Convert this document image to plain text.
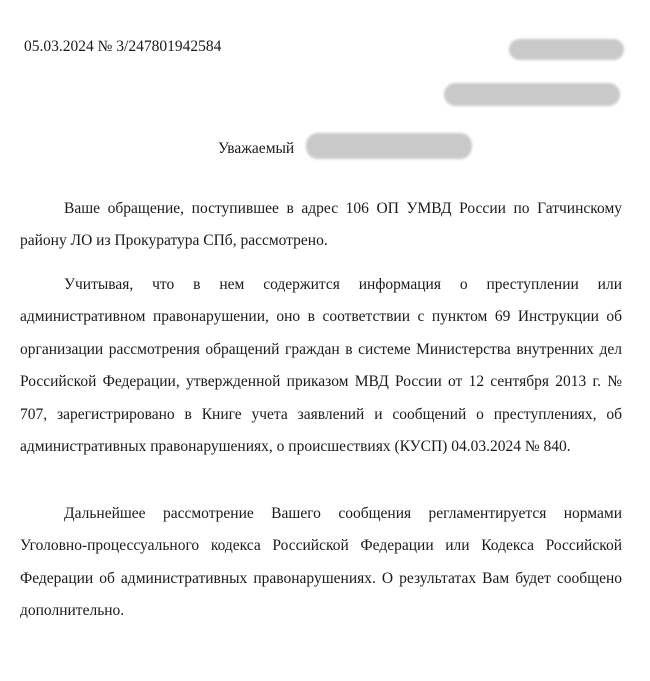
05.03.2024 № 3/247801942584
Уважаемый

Ваше обращение, поступившее в адрес 106 ОП УМВД России по Гатчинскому району ЛО из Прокуратура СПб, рассмотрено.

Учитывая, что в нем содержится информация о преступлении или административном правонарушении, оно в соответствии с пунктом 69 Инструкции об организации рассмотрения обращений граждан в системе Министерства внутренних дел Российской Федерации, утвержденной приказом МВД России от 12 сентября 2013 г. № 707, зарегистрировано в Книге учета заявлений и сообщений о преступлениях, об административных правонарушениях, о происшествиях (КУСП) 04.03.2024 № 840.

Дальнейшее рассмотрение Вашего сообщения регламентируется нормами Уголовно-процессуального кодекса Российской Федерации или Кодекса Российской Федерации об административных правонарушениях. О результатах Вам будет сообщено дополнительно.
